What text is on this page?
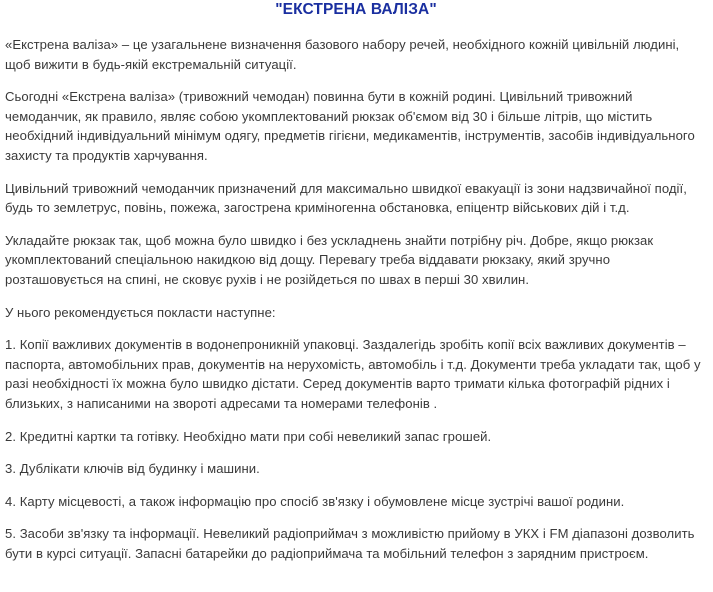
"ЕКСТРЕНА ВАЛІЗА"

«Екстрена валіза» – це узагальнене визначення базового набору речей, необхідного кожній цивільній людині, щоб вижити в будь-якій екстремальній ситуації.

Сьогодні «Екстрена валіза» (тривожний чемодан) повинна бути в кожній родині. Цивільний тривожний чемоданчик, як правило, являє собою укомплектований рюкзак об'ємом від 30 і більше літрів, що містить необхідний індивідуальний мінімум одягу, предметів гігієни, медикаментів, інструментів, засобів індивідуального захисту та продуктів харчування.

Цивільний тривожний чемоданчик призначений для максимально швидкої евакуації із зони надзвичайної події, будь то землетрус, повінь, пожежа, загострена криміногенна обстановка, епіцентр військових дій і т.д.

Укладайте рюкзак так, щоб можна було швидко і без ускладнень знайти потрібну річ. Добре, якщо рюкзак укомплектований спеціальною накидкою від дощу. Перевагу треба віддавати рюкзаку, який зручно розташовується на спині, не сковує рухів і не розійдеться по швах в перші 30 хвилин.

У нього рекомендується покласти наступне:

1. Копії важливих документів в водонепроникній упаковці. Заздалегідь зробіть копії всіх важливих документів – паспорта, автомобільних прав, документів на нерухомість, автомобіль і т.д. Документи треба укладати так, щоб у разі необхідності їх можна було швидко дістати. Серед документів варто тримати кілька фотографій рідних і близьких, з написаними на звороті адресами та номерами телефонів .

2. Кредитні картки та готівку. Необхідно мати при собі невеликий запас грошей.

3. Дублікати ключів від будинку і машини.

4. Карту місцевості, а також інформацію про спосіб зв'язку і обумовлене місце зустрічі вашої родини.

5. Засоби зв'язку та інформації. Невеликий радіоприймач з можливістю прийому в УКХ і FM діапазоні дозволить бути в курсі ситуації. Запасні батарейки до радіоприймача та мобільний телефон з зарядним пристроєм.
